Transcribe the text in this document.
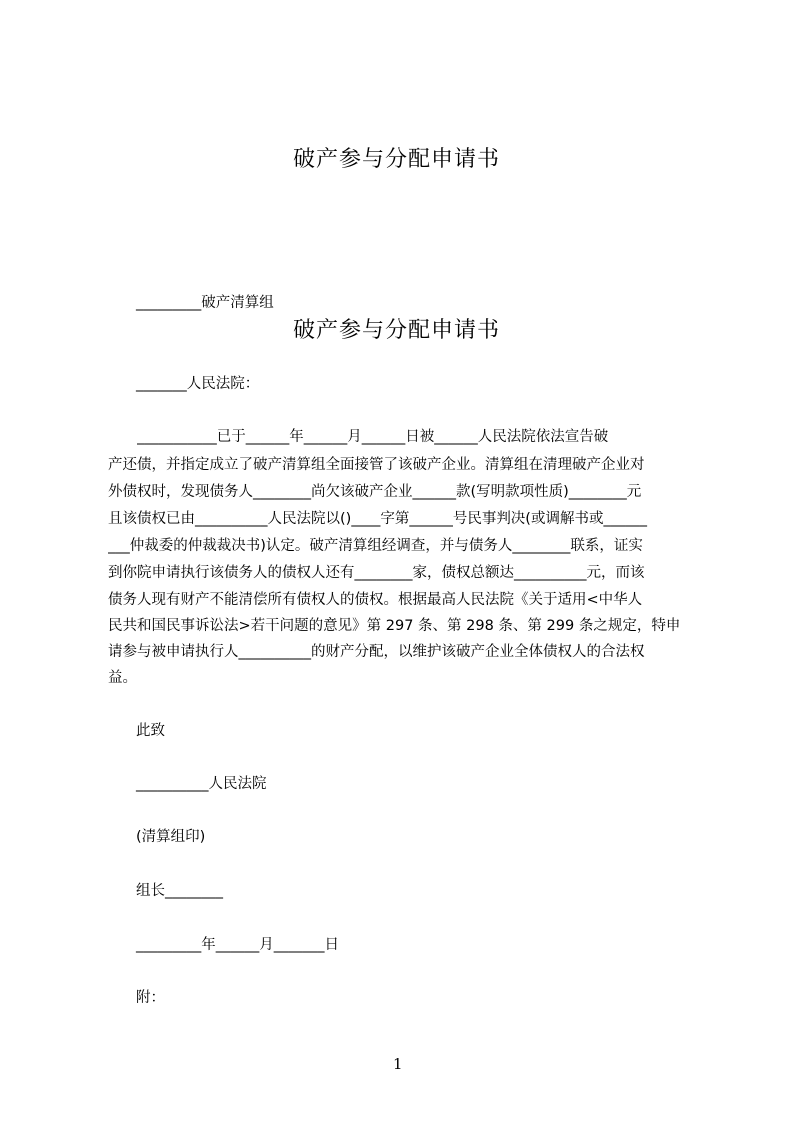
破产参与分配申请书
_________破产清算组
破产参与分配申请书
_______人民法院：
___________已于______年______月______日被______人民法院依法宣告破
产还债，并指定成立了破产清算组全面接管了该破产企业。清算组在清理破产企业对
外债权时，发现债务人________尚欠该破产企业______款(写明款项性质)________元
且该债权已由__________人民法院以()____字第______号民事判决(或调解书或______
___仲裁委的仲裁裁决书)认定。破产清算组经调查，并与债务人________联系，证实
到你院申请执行该债务人的债权人还有________家，债权总额达__________元，而该
债务人现有财产不能清偿所有债权人的债权。根据最高人民法院《关于适用<中华人
民共和国民事诉讼法>若干问题的意见》第 297 条、第 298 条、第 299 条之规定，特申
请参与被申请执行人__________的财产分配，以维护该破产企业全体债权人的合法权
益。
此致
__________人民法院
(清算组印)
组长________
_________年______月_______日
附：
1
